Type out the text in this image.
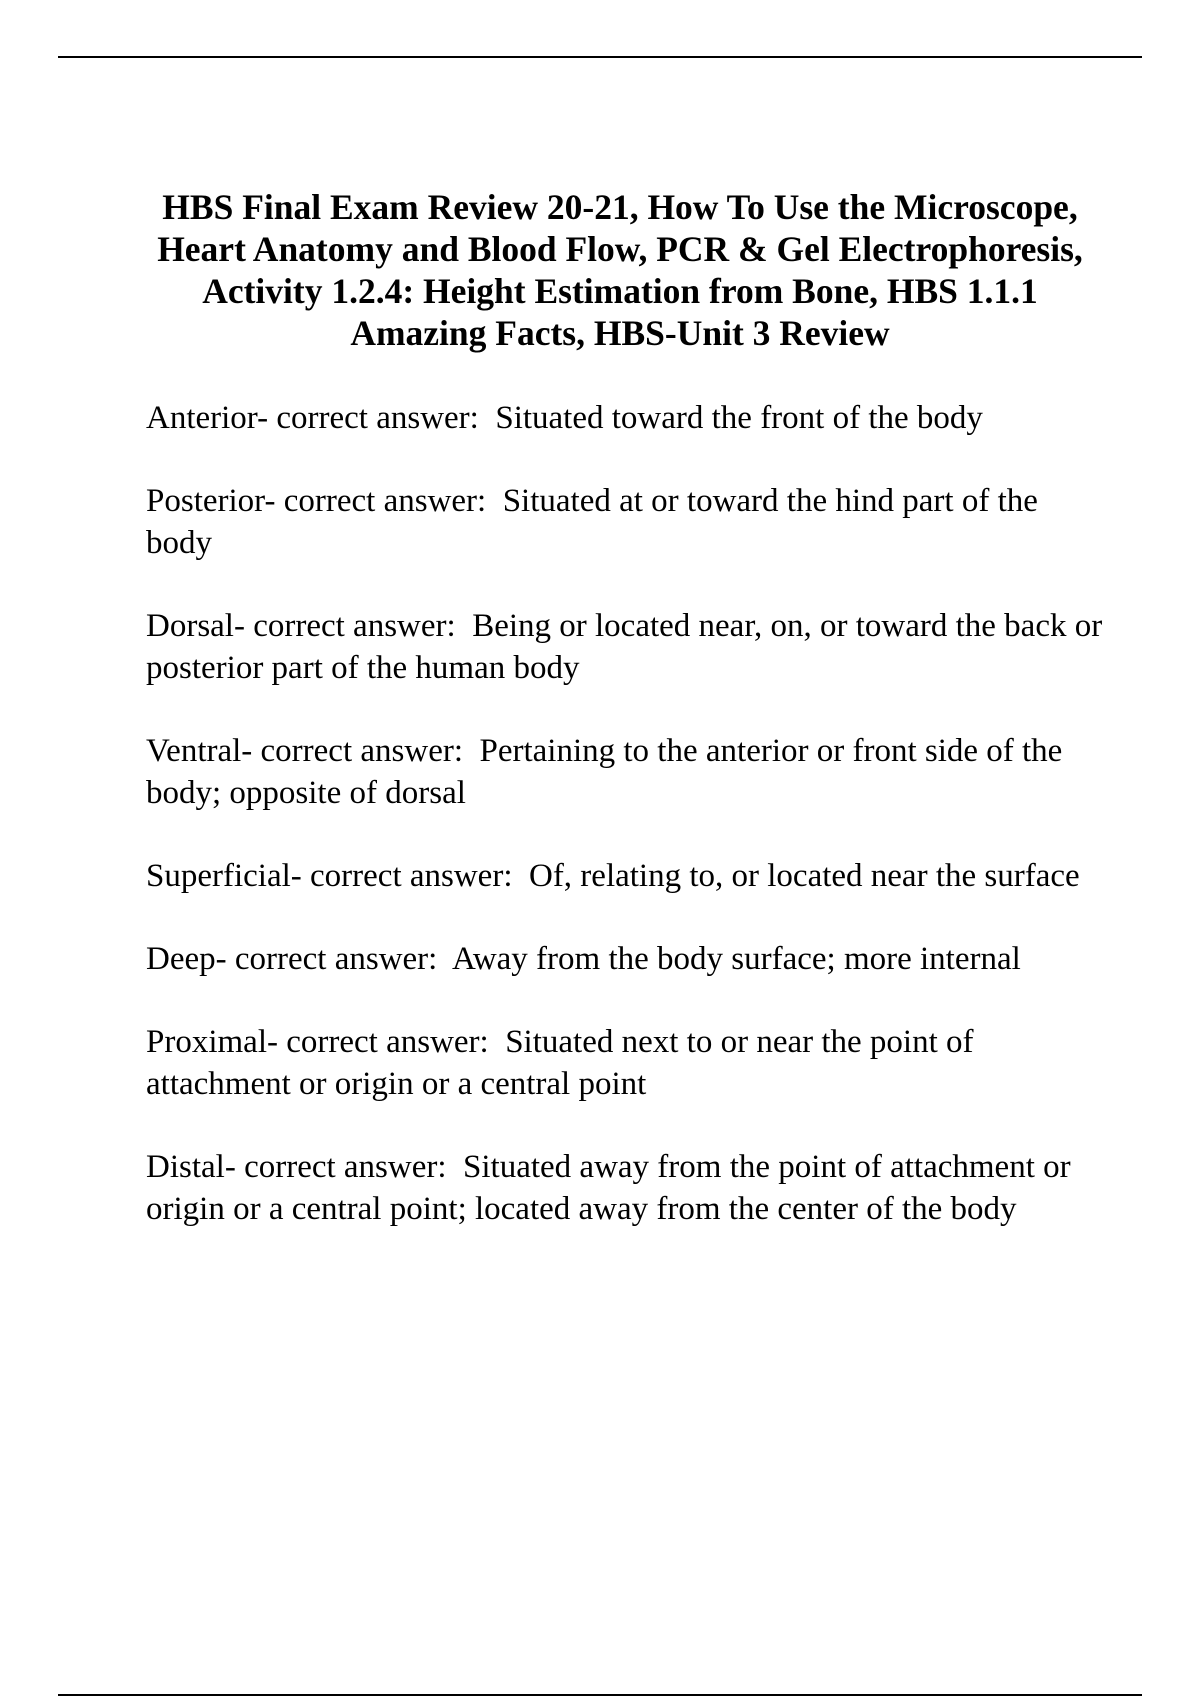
HBS Final Exam Review 20-21, How To Use the Microscope, Heart Anatomy and Blood Flow, PCR & Gel Electrophoresis, Activity 1.2.4: Height Estimation from Bone, HBS 1.1.1 Amazing Facts, HBS-Unit 3 Review
Anterior- correct answer:  Situated toward the front of the body
Posterior- correct answer:  Situated at or toward the hind part of the body
Dorsal- correct answer:  Being or located near, on, or toward the back or posterior part of the human body
Ventral- correct answer:  Pertaining to the anterior or front side of the body; opposite of dorsal
Superficial- correct answer:  Of, relating to, or located near the surface
Deep- correct answer:  Away from the body surface; more internal
Proximal- correct answer:  Situated next to or near the point of attachment or origin or a central point
Distal- correct answer:  Situated away from the point of attachment or origin or a central point; located away from the center of the body
